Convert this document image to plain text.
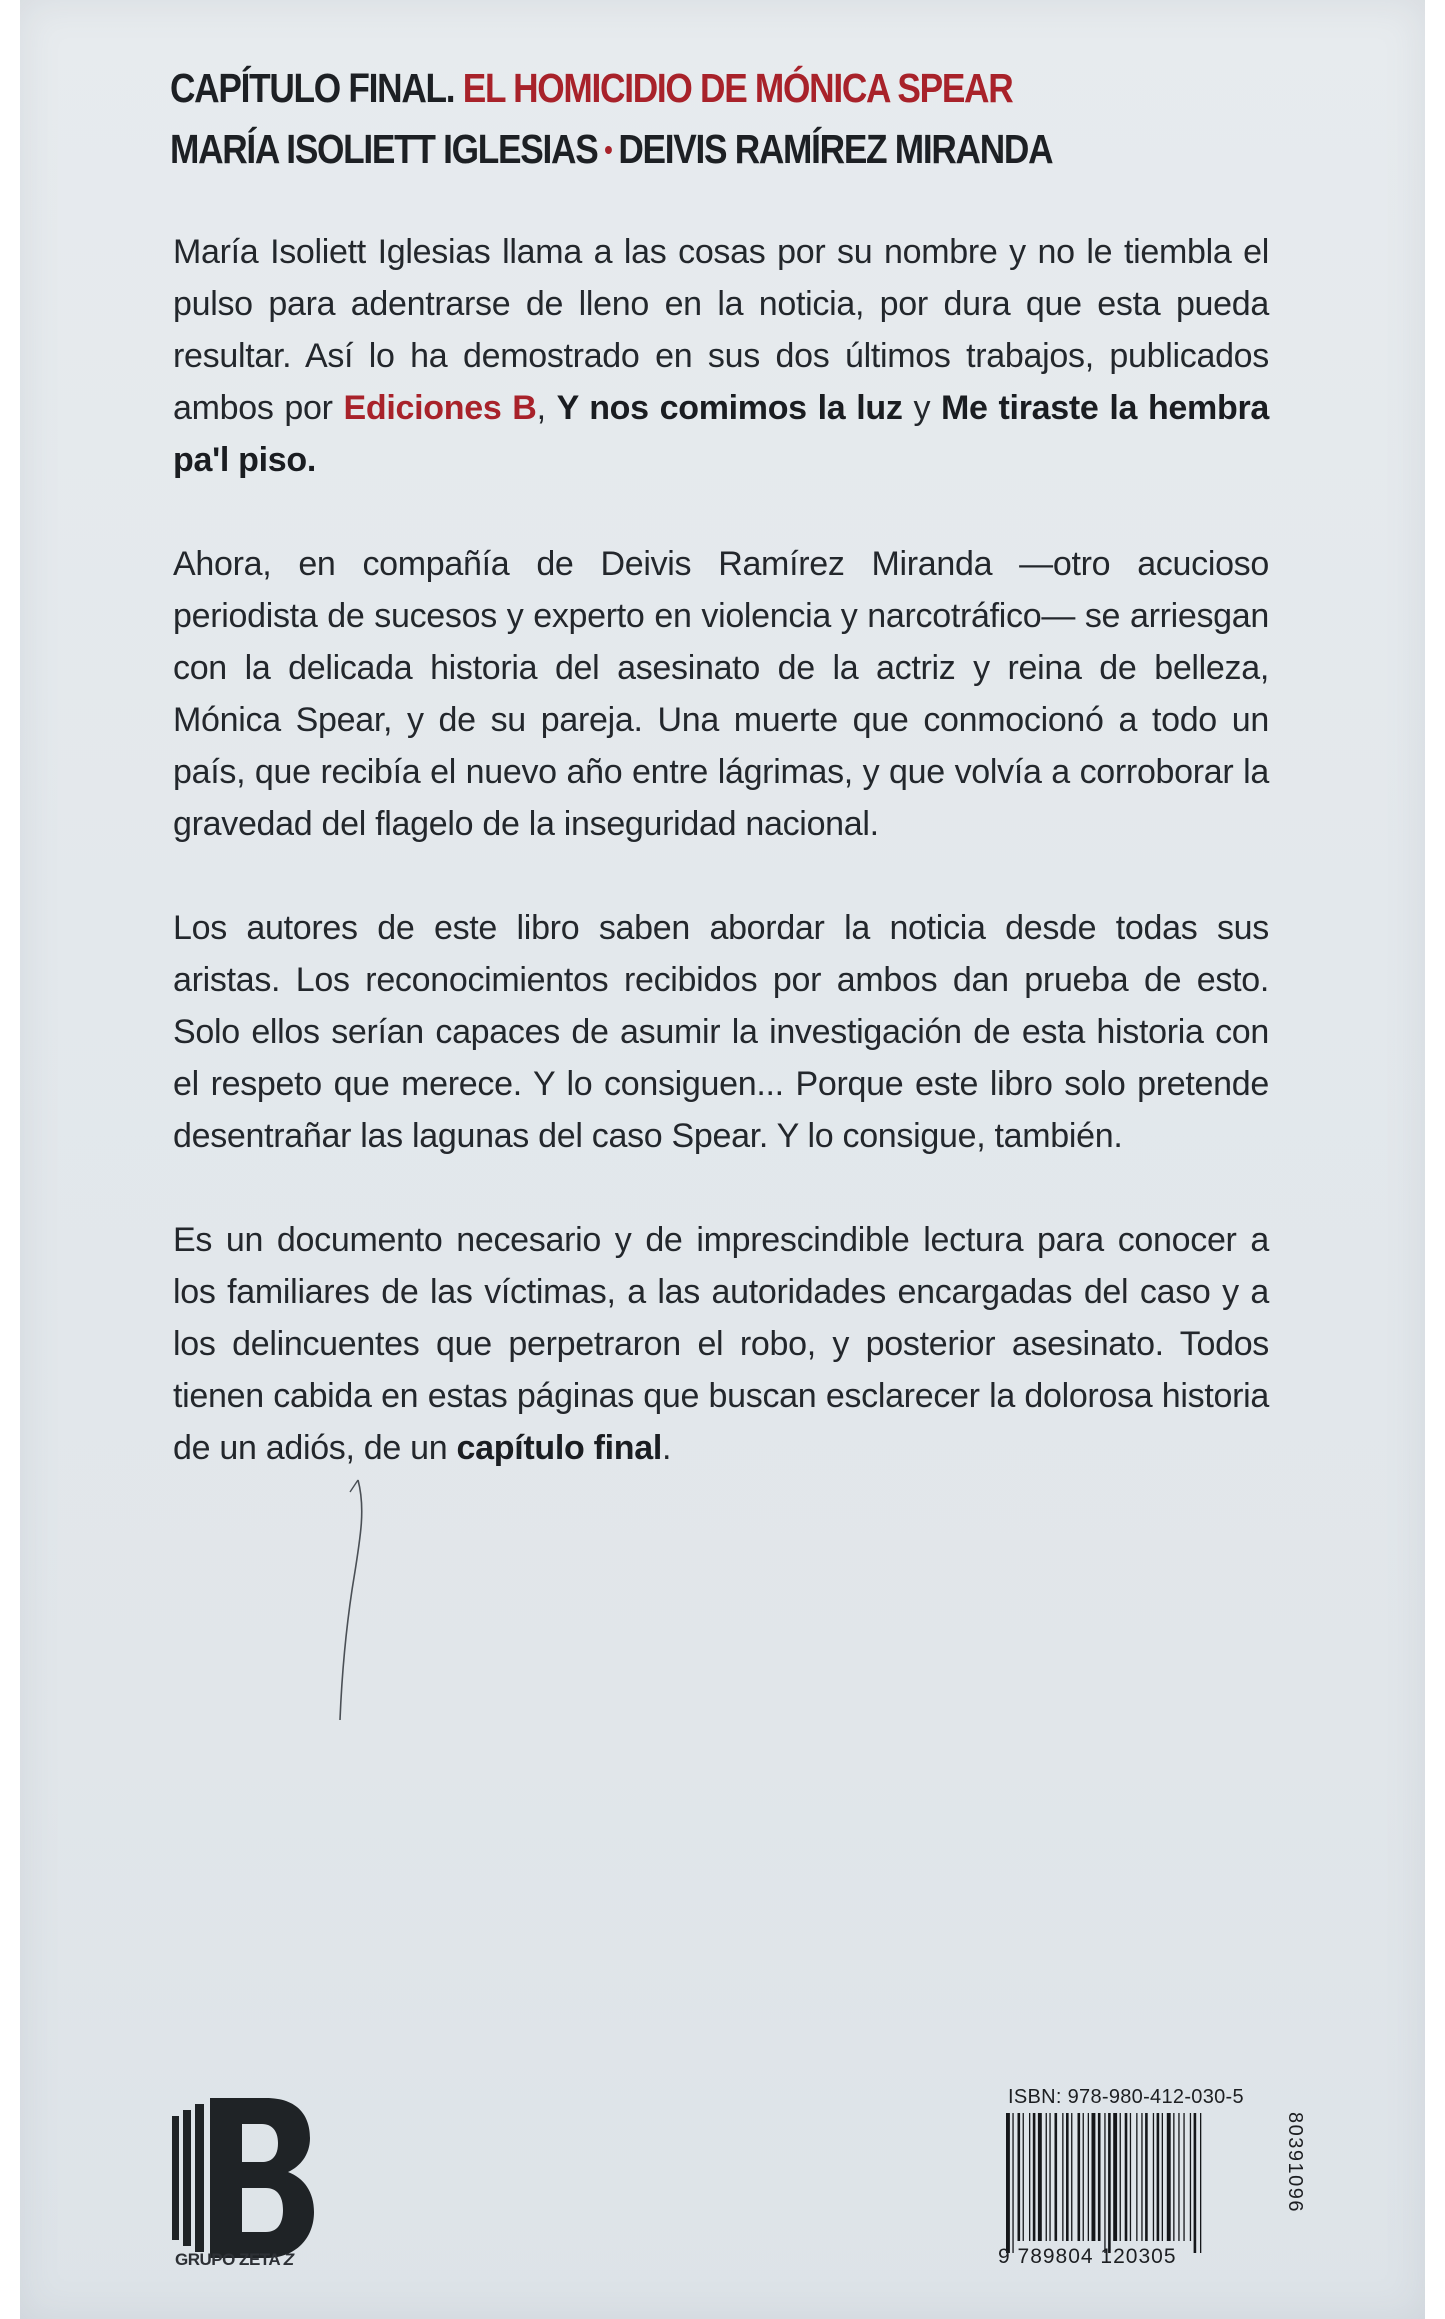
CAPÍTULO FINAL. EL HOMICIDIO DE MÓNICA SPEAR
MARÍA ISOLIETT IGLESIAS • DEIVIS RAMÍREZ MIRANDA

María Isoliett Iglesias llama a las cosas por su nombre y no le tiembla el pulso para adentrarse de lleno en la noticia, por dura que esta pueda resultar. Así lo ha demostrado en sus dos últimos trabajos, publicados ambos por Ediciones B, Y nos comimos la luz y Me tiraste la hembra pa'l piso.

Ahora, en compañía de Deivis Ramírez Miranda —otro acucioso periodista de sucesos y experto en violencia y narcotráfico— se arriesgan con la delicada historia del asesinato de la actriz y reina de belleza, Mónica Spear, y de su pareja. Una muerte que conmocionó a todo un país, que recibía el nuevo año entre lágrimas, y que volvía a corroborar la gravedad del flagelo de la inseguridad nacional.

Los autores de este libro saben abordar la noticia desde todas sus aristas. Los reconocimientos recibidos por ambos dan prueba de esto. Solo ellos serían capaces de asumir la investigación de esta historia con el respeto que merece. Y lo consiguen... Porque este libro solo pretende desentrañar las lagunas del caso Spear. Y lo consigue, también.

Es un documento necesario y de imprescindible lectura para conocer a los familiares de las víctimas, a las autoridades encargadas del caso y a los delincuentes que perpetraron el robo, y posterior asesinato. Todos tienen cabida en estas páginas que buscan esclarecer la dolorosa historia de un adiós, de un capítulo final.

GRUPO ZETA Z
ISBN: 978-980-412-030-5
9 789804 120305
80391096
